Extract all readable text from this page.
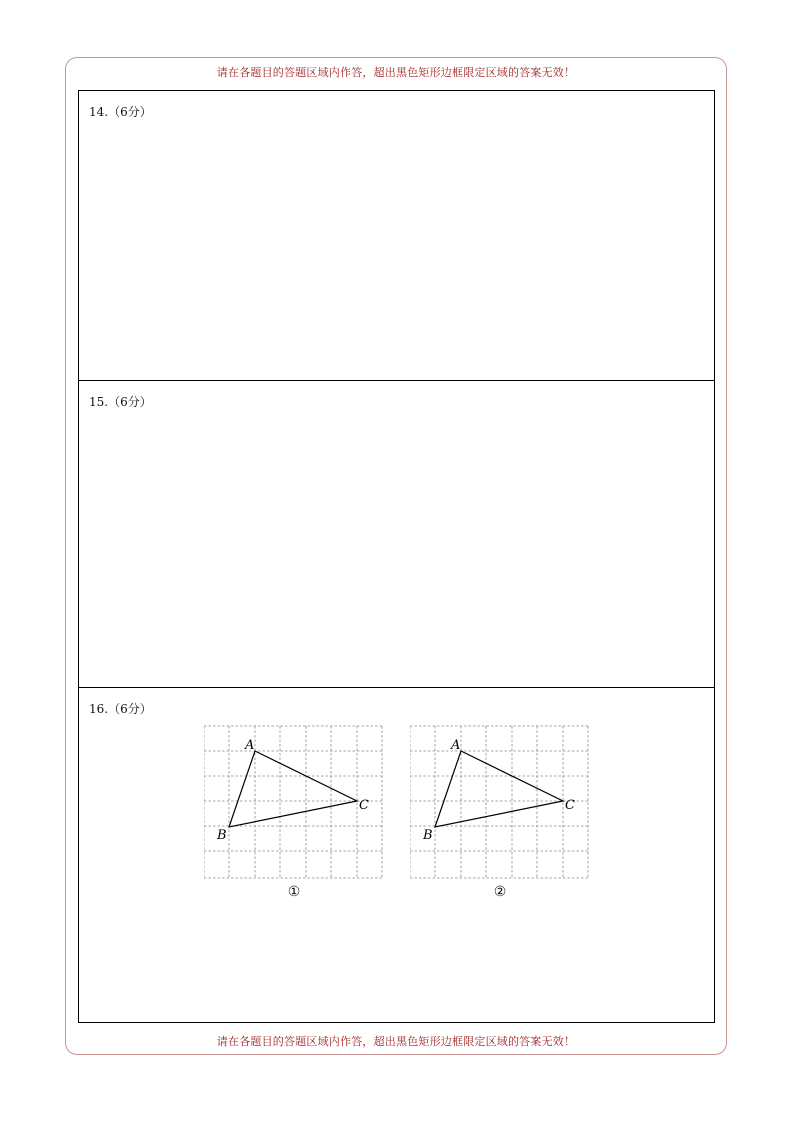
请在各题目的答题区域内作答，超出黑色矩形边框限定区域的答案无效！
14.（6分）
15.（6分）
16.（6分）
A
B
C
①
A
B
C
②
请在各题目的答题区域内作答，超出黑色矩形边框限定区域的答案无效！
